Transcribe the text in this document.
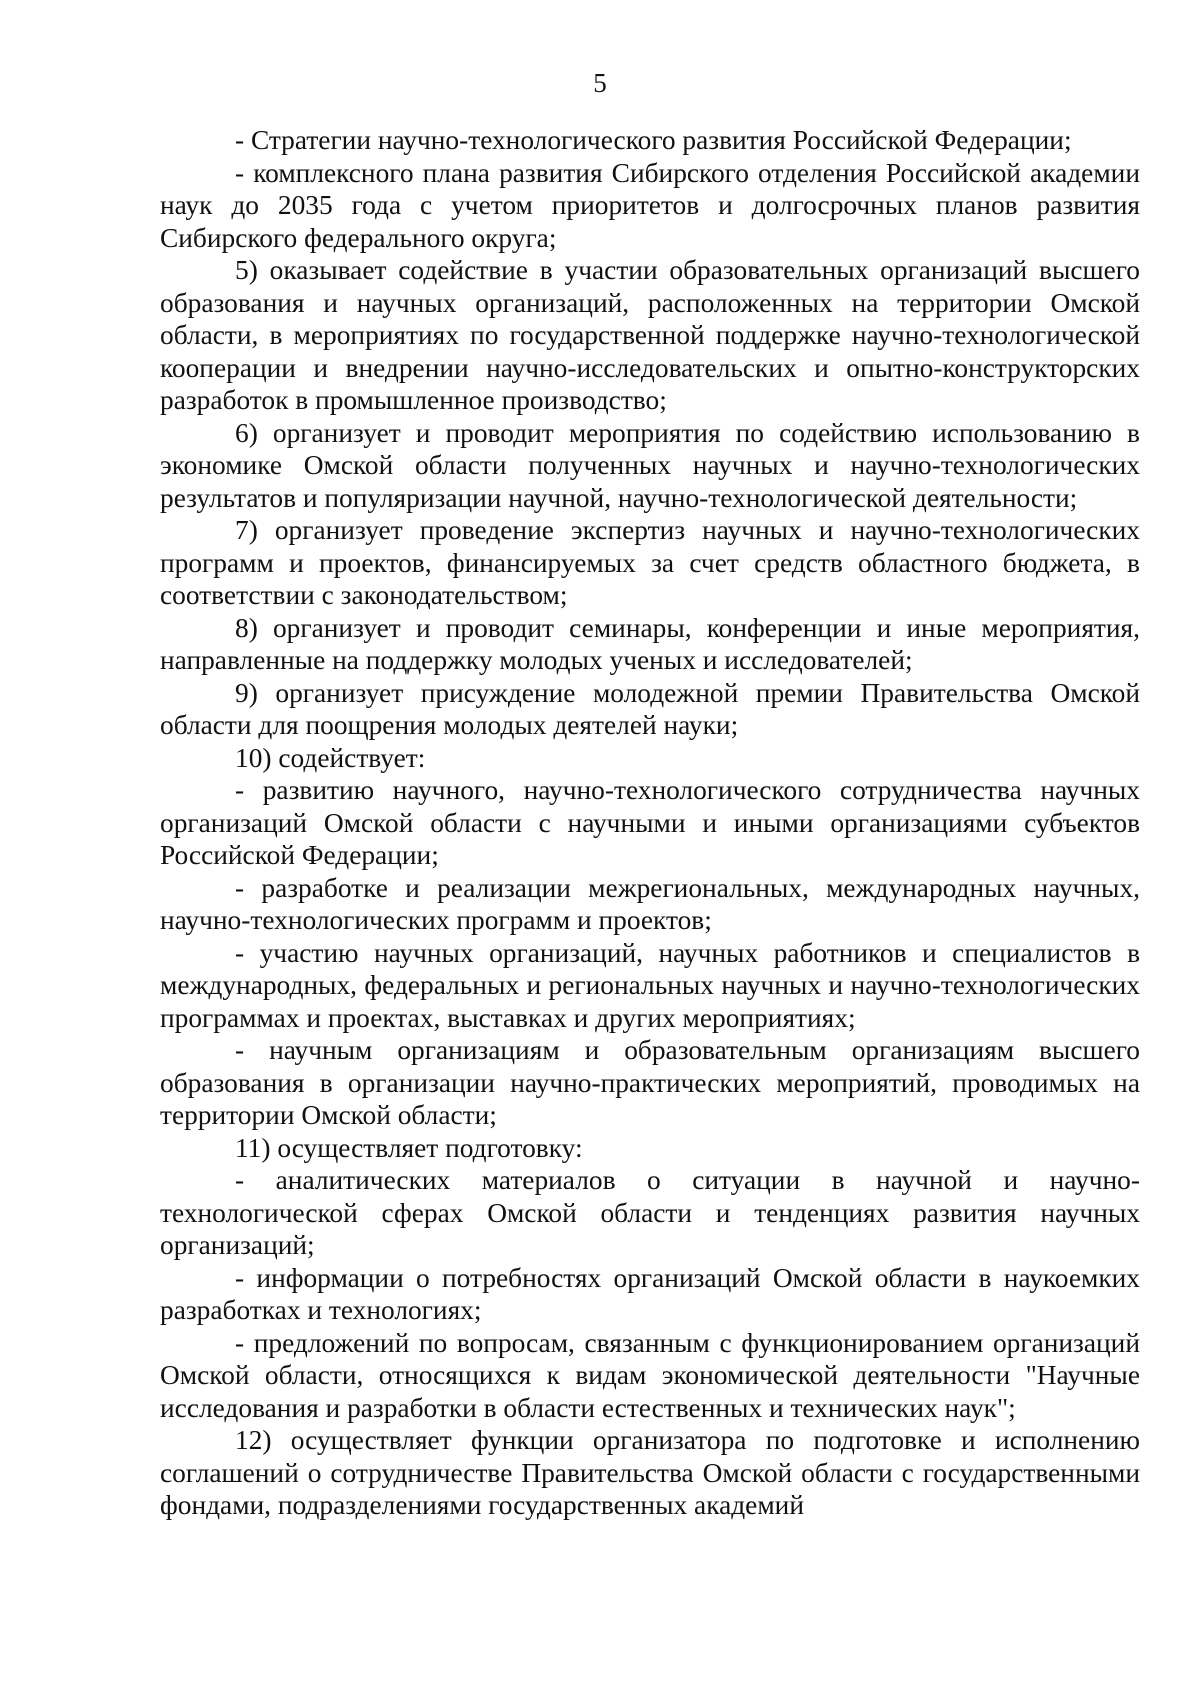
5

- Стратегии научно-технологического развития Российской Федерации;

- комплексного плана развития Сибирского отделения Российской академии наук до 2035 года с учетом приоритетов и долгосрочных планов развития Сибирского федерального округа;

5) оказывает содействие в участии образовательных организаций высшего образования и научных организаций, расположенных на территории Омской области, в мероприятиях по государственной поддержке научно-технологической кооперации и внедрении научно-исследовательских и опытно-конструкторских разработок в промышленное производство;

6) организует и проводит мероприятия по содействию использованию в экономике Омской области полученных научных и научно-технологических результатов и популяризации научной, научно-технологической деятельности;

7) организует проведение экспертиз научных и научно-технологических программ и проектов, финансируемых за счет средств областного бюджета, в соответствии с законодательством;

8) организует и проводит семинары, конференции и иные мероприятия, направленные на поддержку молодых ученых и исследователей;

9) организует присуждение молодежной премии Правительства Омской области для поощрения молодых деятелей науки;

10) содействует:

- развитию научного, научно-технологического сотрудничества научных организаций Омской области с научными и иными организациями субъектов Российской Федерации;

- разработке и реализации межрегиональных, международных научных, научно-технологических программ и проектов;

- участию научных организаций, научных работников и специалистов в международных, федеральных и региональных научных и научно-технологических программах и проектах, выставках и других мероприятиях;

- научным организациям и образовательным организациям высшего образования в организации научно-практических мероприятий, проводимых на территории Омской области;

11) осуществляет подготовку:

- аналитических материалов о ситуации в научной и научно-технологической сферах Омской области и тенденциях развития научных организаций;

- информации о потребностях организаций Омской области в наукоемких разработках и технологиях;

- предложений по вопросам, связанным с функционированием организаций Омской области, относящихся к видам экономической деятельности "Научные исследования и разработки в области естественных и технических наук";

12) осуществляет функции организатора по подготовке и исполнению соглашений о сотрудничестве Правительства Омской области с государственными фондами, подразделениями государственных академий
